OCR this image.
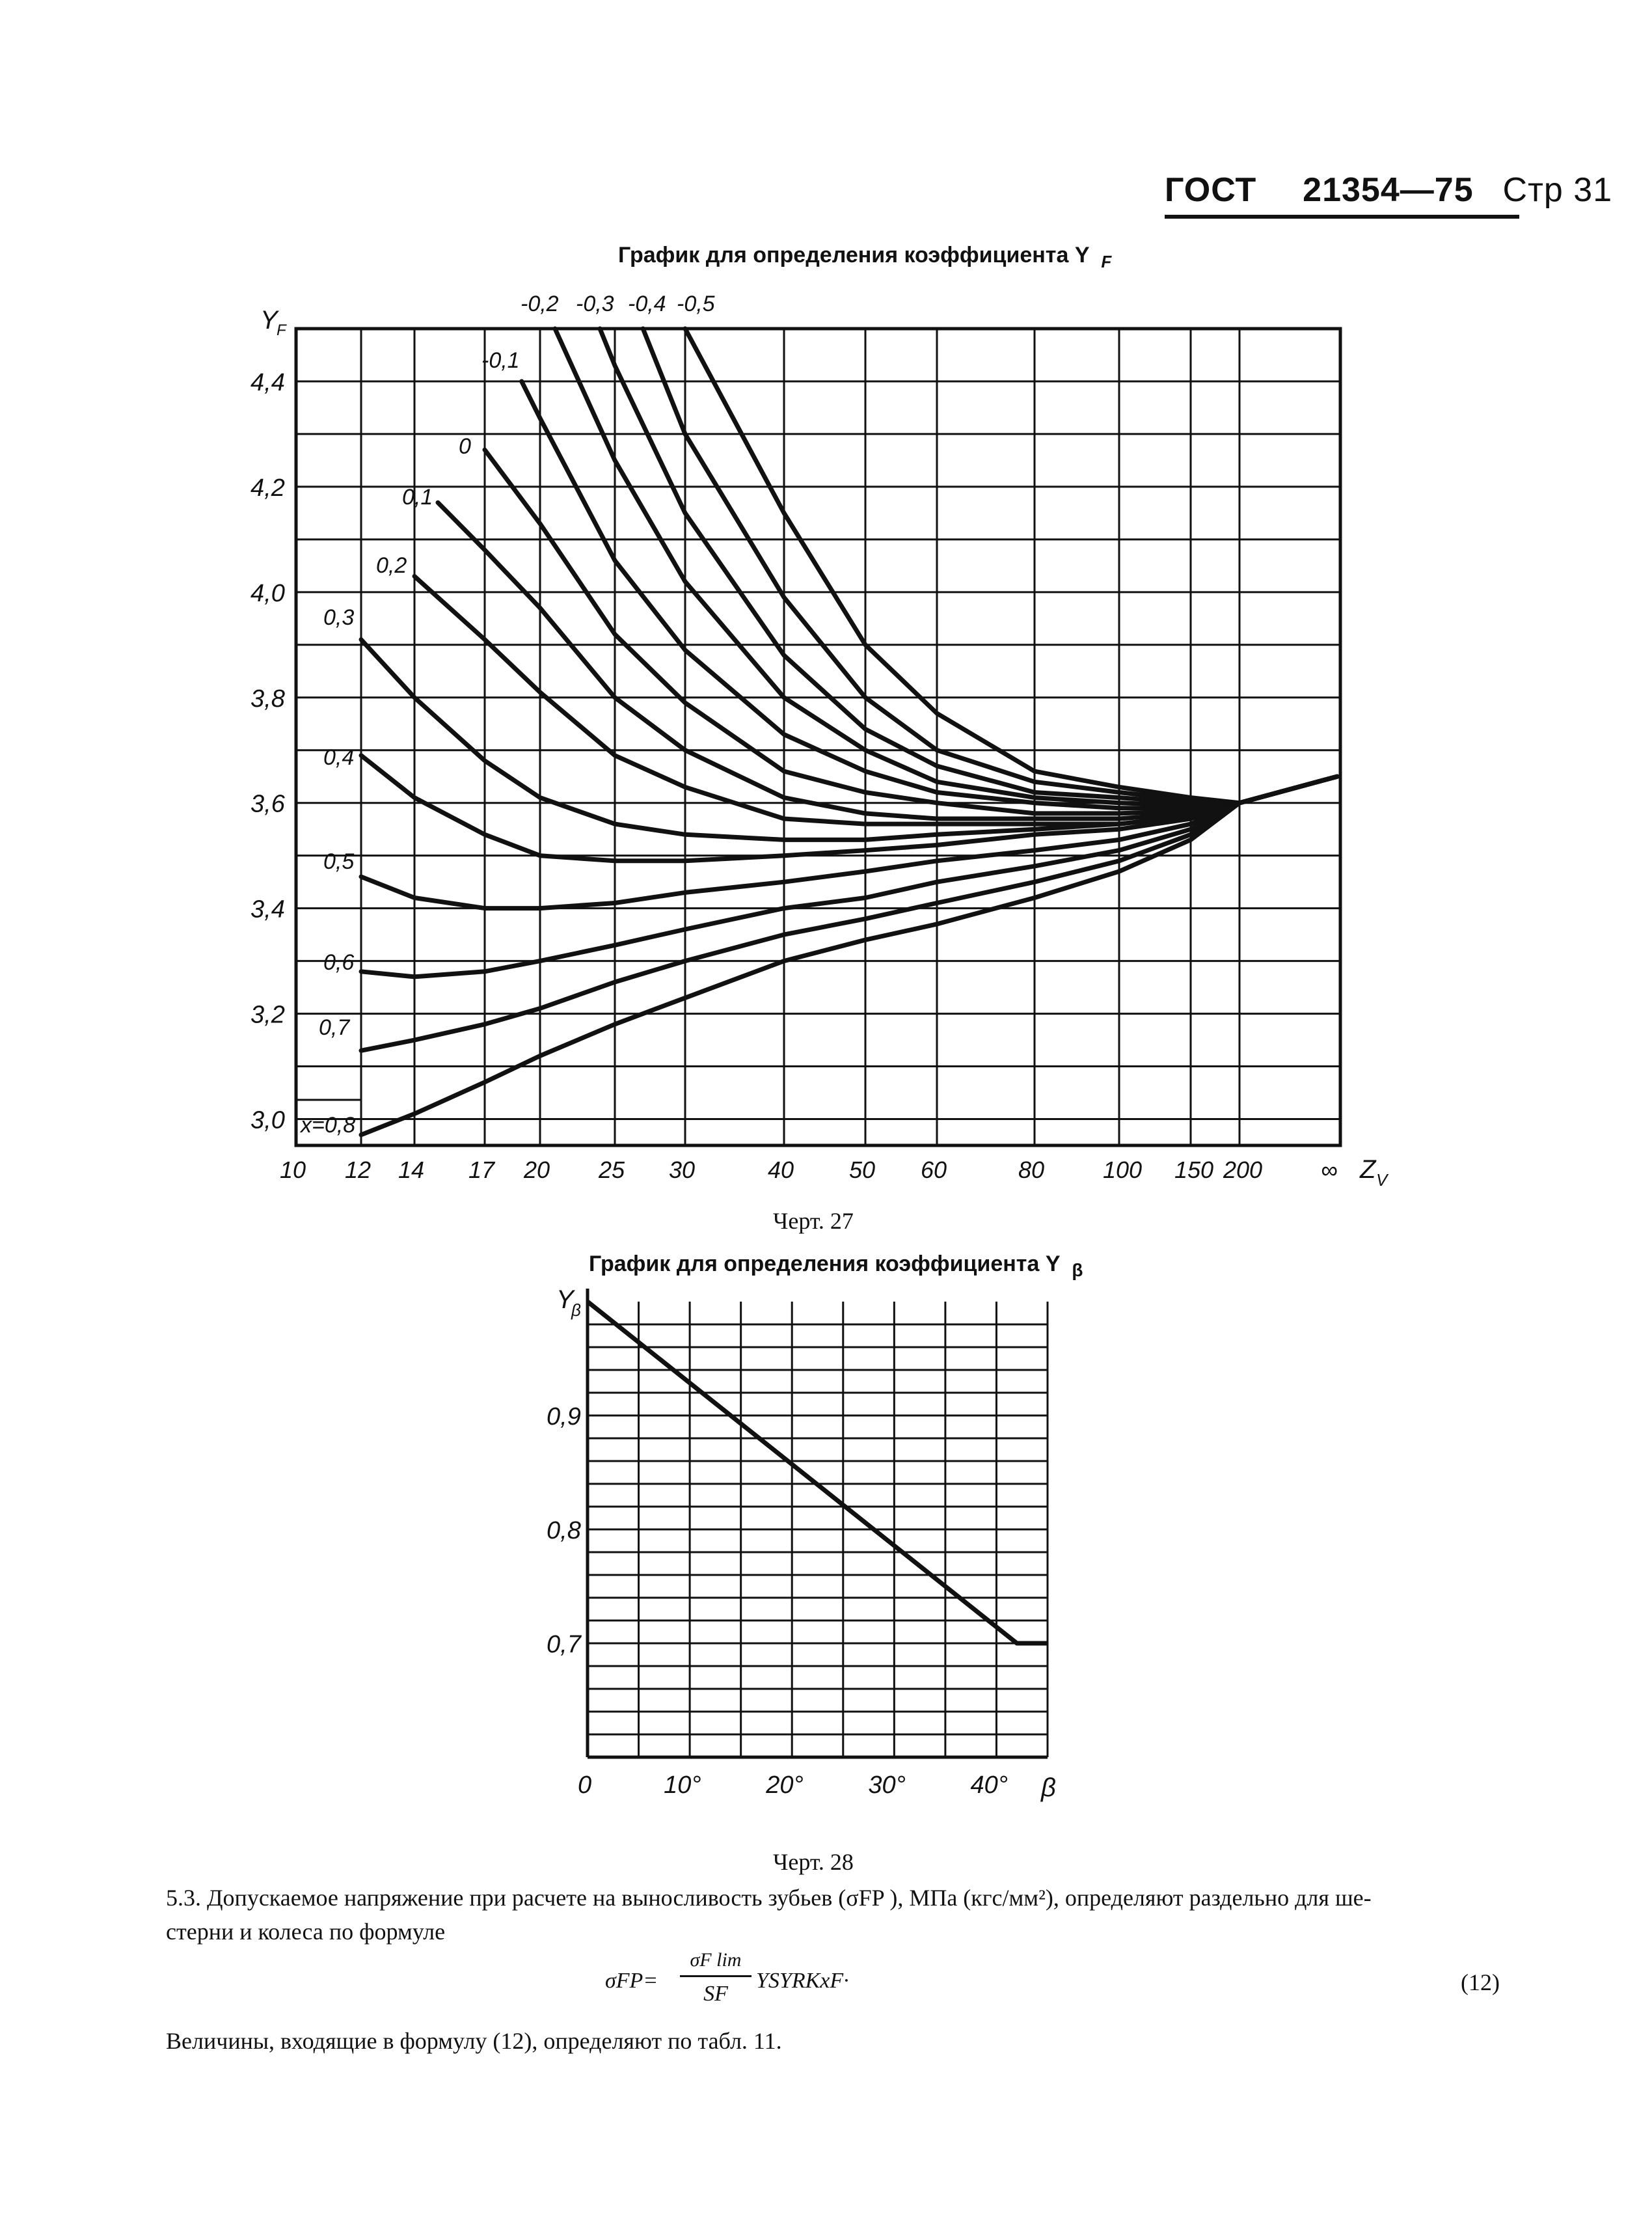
ГОСТ 21354—75 Стр 31
График для определения коэффициента Y $_F$
3,0
3,2
3,4
3,6
3,8
4,0
4,2
4,4
Y
F
10 12 14 17 20 25 30	40 50 60	80 100 150 200 ∞ Z V
-0,2 -0,3 -0,4 -0,5
-0,1
0
0,1
0,2
0,3
0,4
0,5
0,6
0,7
x=0,8
Черт. 27
График для определения коэффициента Y $_\beta$
0,7
0,8
0,9
Y
β
0	10°	20°	30°	40° β
Черт. 28
5.3. Допускаемое напряжение при расчете на выносливость зубьев (σFP ), МПа (кгс/мм²), определяют раздельно для ше-
стерни и колеса по формуле
σFP=
σF lim
SF
YSYRKxF·	(12)
Величины, входящие в формулу (12), определяют по табл. 11.
